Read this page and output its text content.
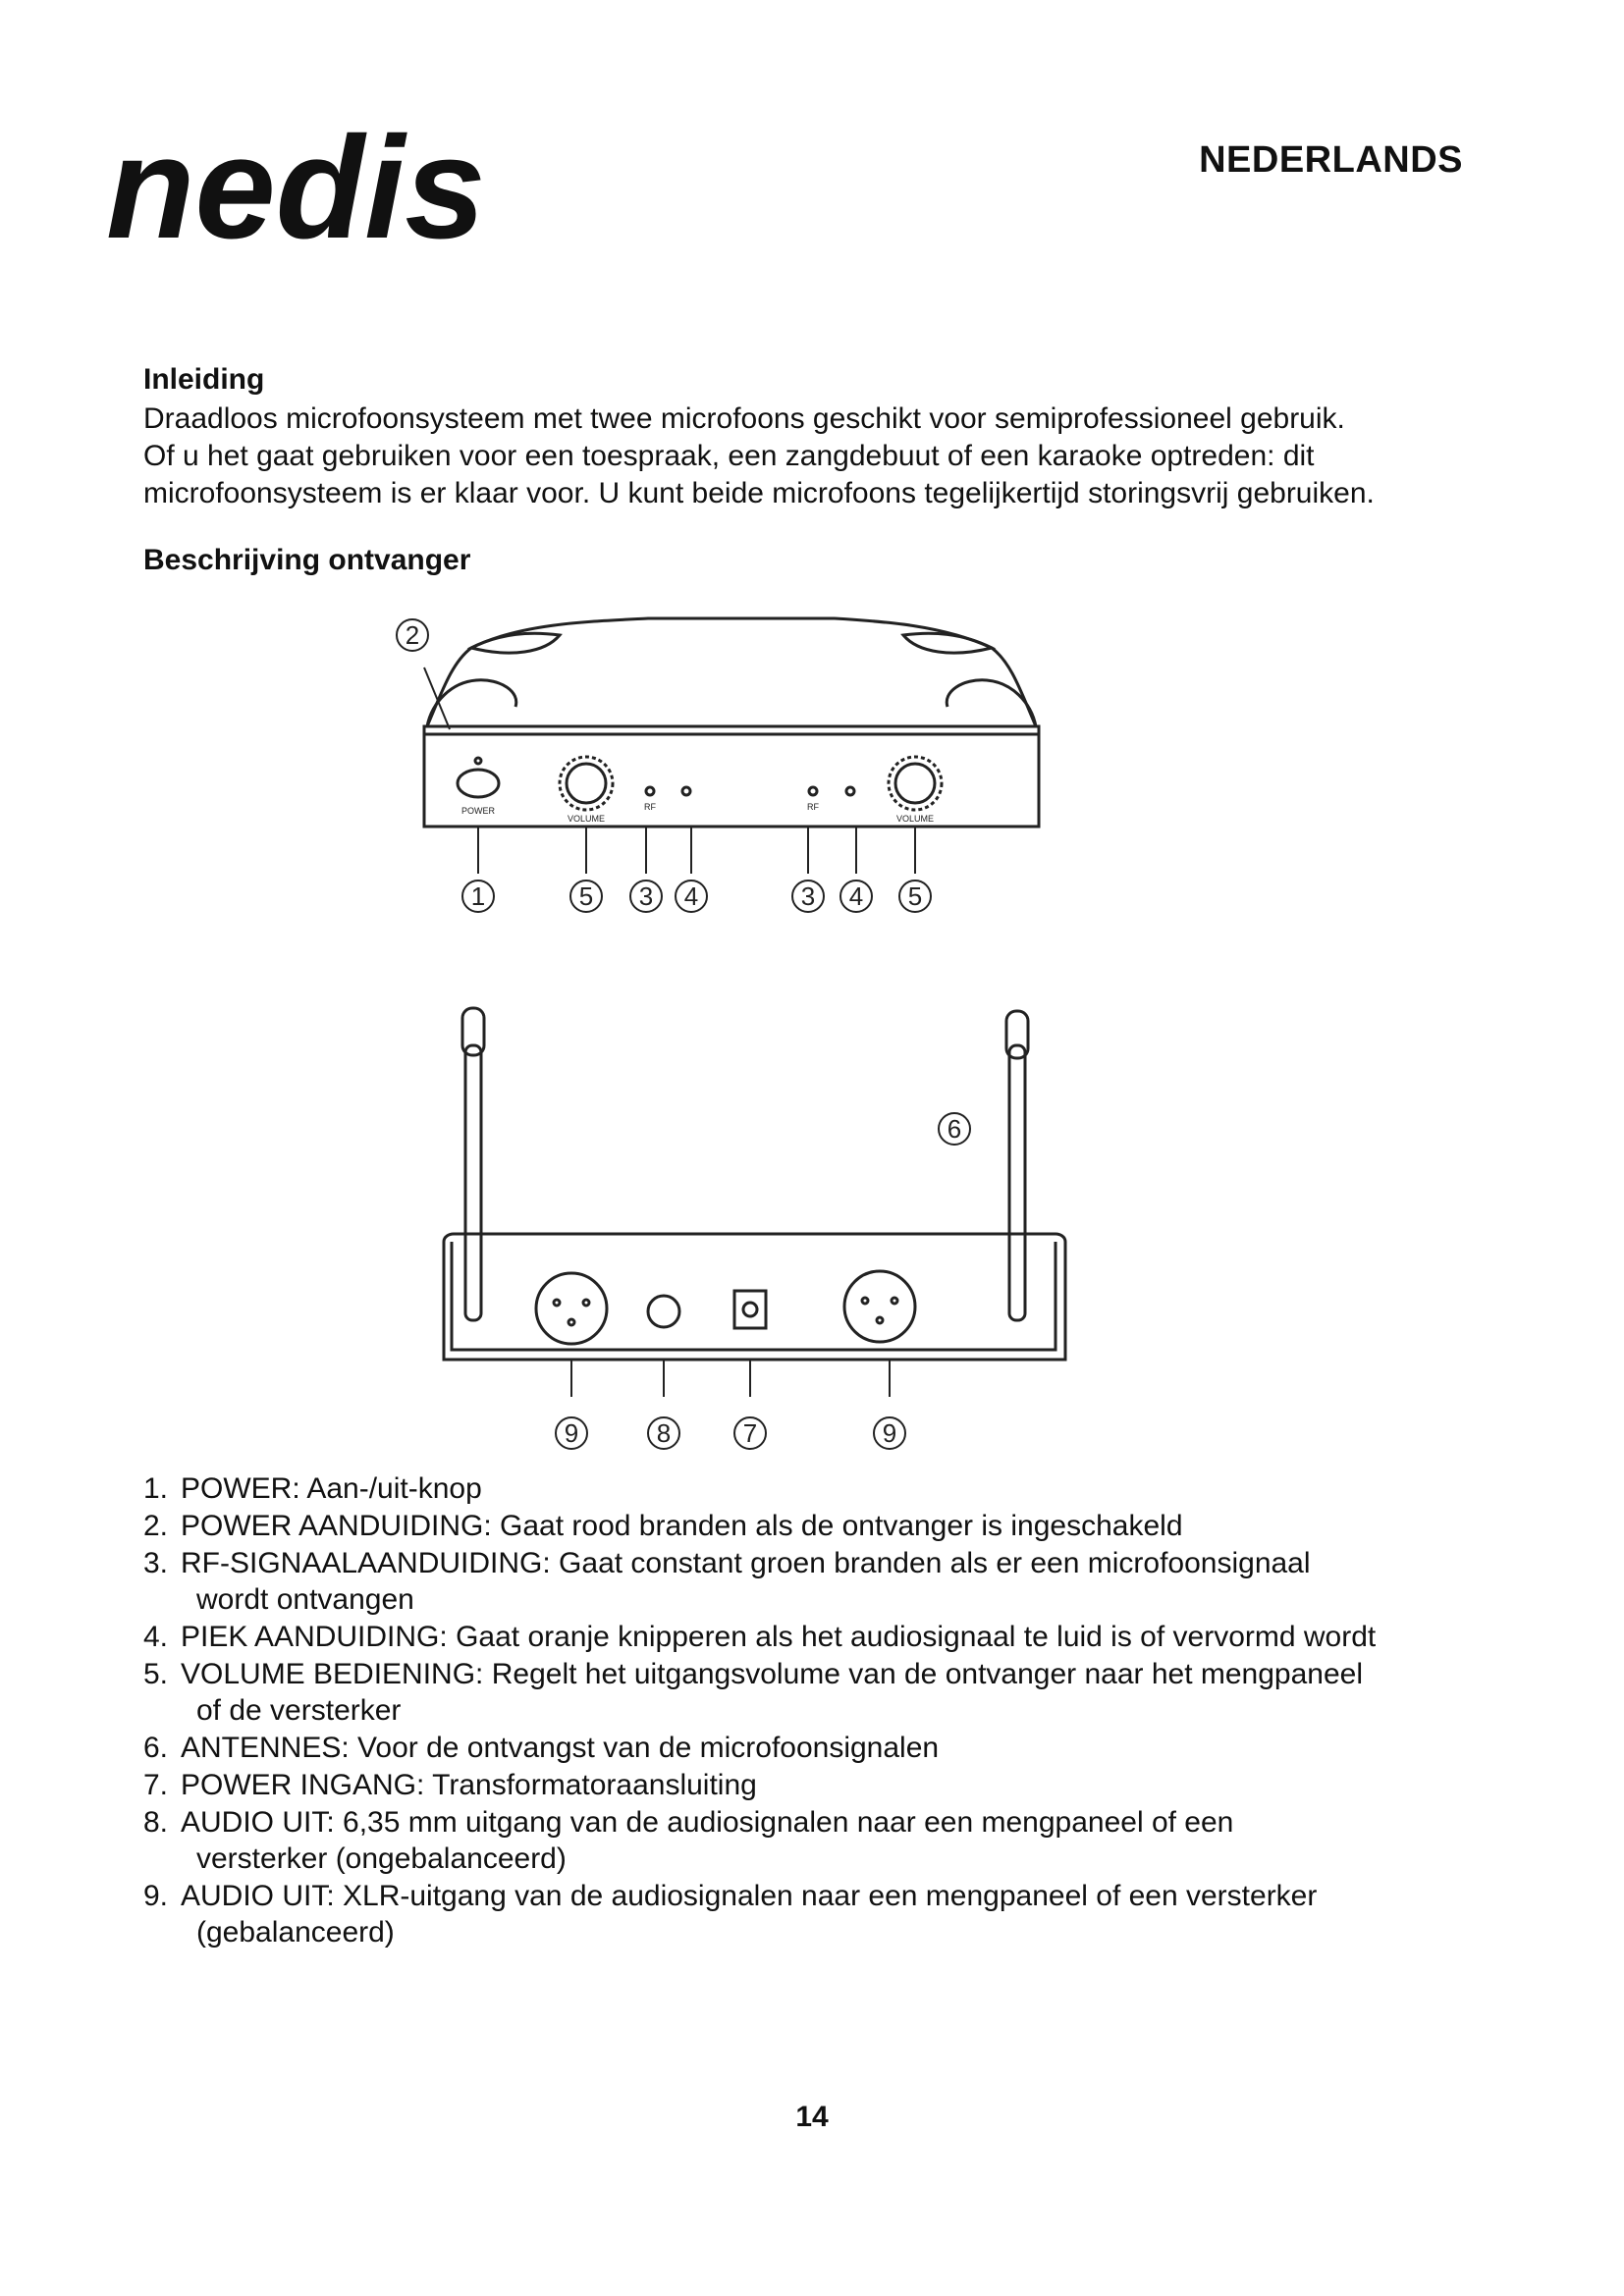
nedis	NEDERLANDS
Inleiding
Draadloos microfoonsysteem met twee microfoons geschikt voor semiprofessioneel gebruik.
Of u het gaat gebruiken voor een toespraak, een zangdebuut of een karaoke optreden: dit
microfoonsysteem is er klaar voor. U kunt beide microfoons tegelijkertijd storingsvrij gebruiken.
Beschrijving ontvanger
POWER
VOLUME
RF	RF
VOLUME
2
1	5 3 4	3 4 5
6
9	8	7	9
1. POWER: Aan-/uit-knop
2. POWER AANDUIDING: Gaat rood branden als de ontvanger is ingeschakeld
3. RF-SIGNAALAANDUIDING: Gaat constant groen branden als er een microfoonsignaal
wordt ontvangen
4. PIEK AANDUIDING: Gaat oranje knipperen als het audiosignaal te luid is of vervormd wordt
5. VOLUME BEDIENING: Regelt het uitgangsvolume van de ontvanger naar het mengpaneel
of de versterker
6. ANTENNES: Voor de ontvangst van de microfoonsignalen
7. POWER INGANG: Transformatoraansluiting
8. AUDIO UIT: 6,35 mm uitgang van de audiosignalen naar een mengpaneel of een
versterker (ongebalanceerd)
9. AUDIO UIT: XLR-uitgang van de audiosignalen naar een mengpaneel of een versterker
(gebalanceerd)
14
